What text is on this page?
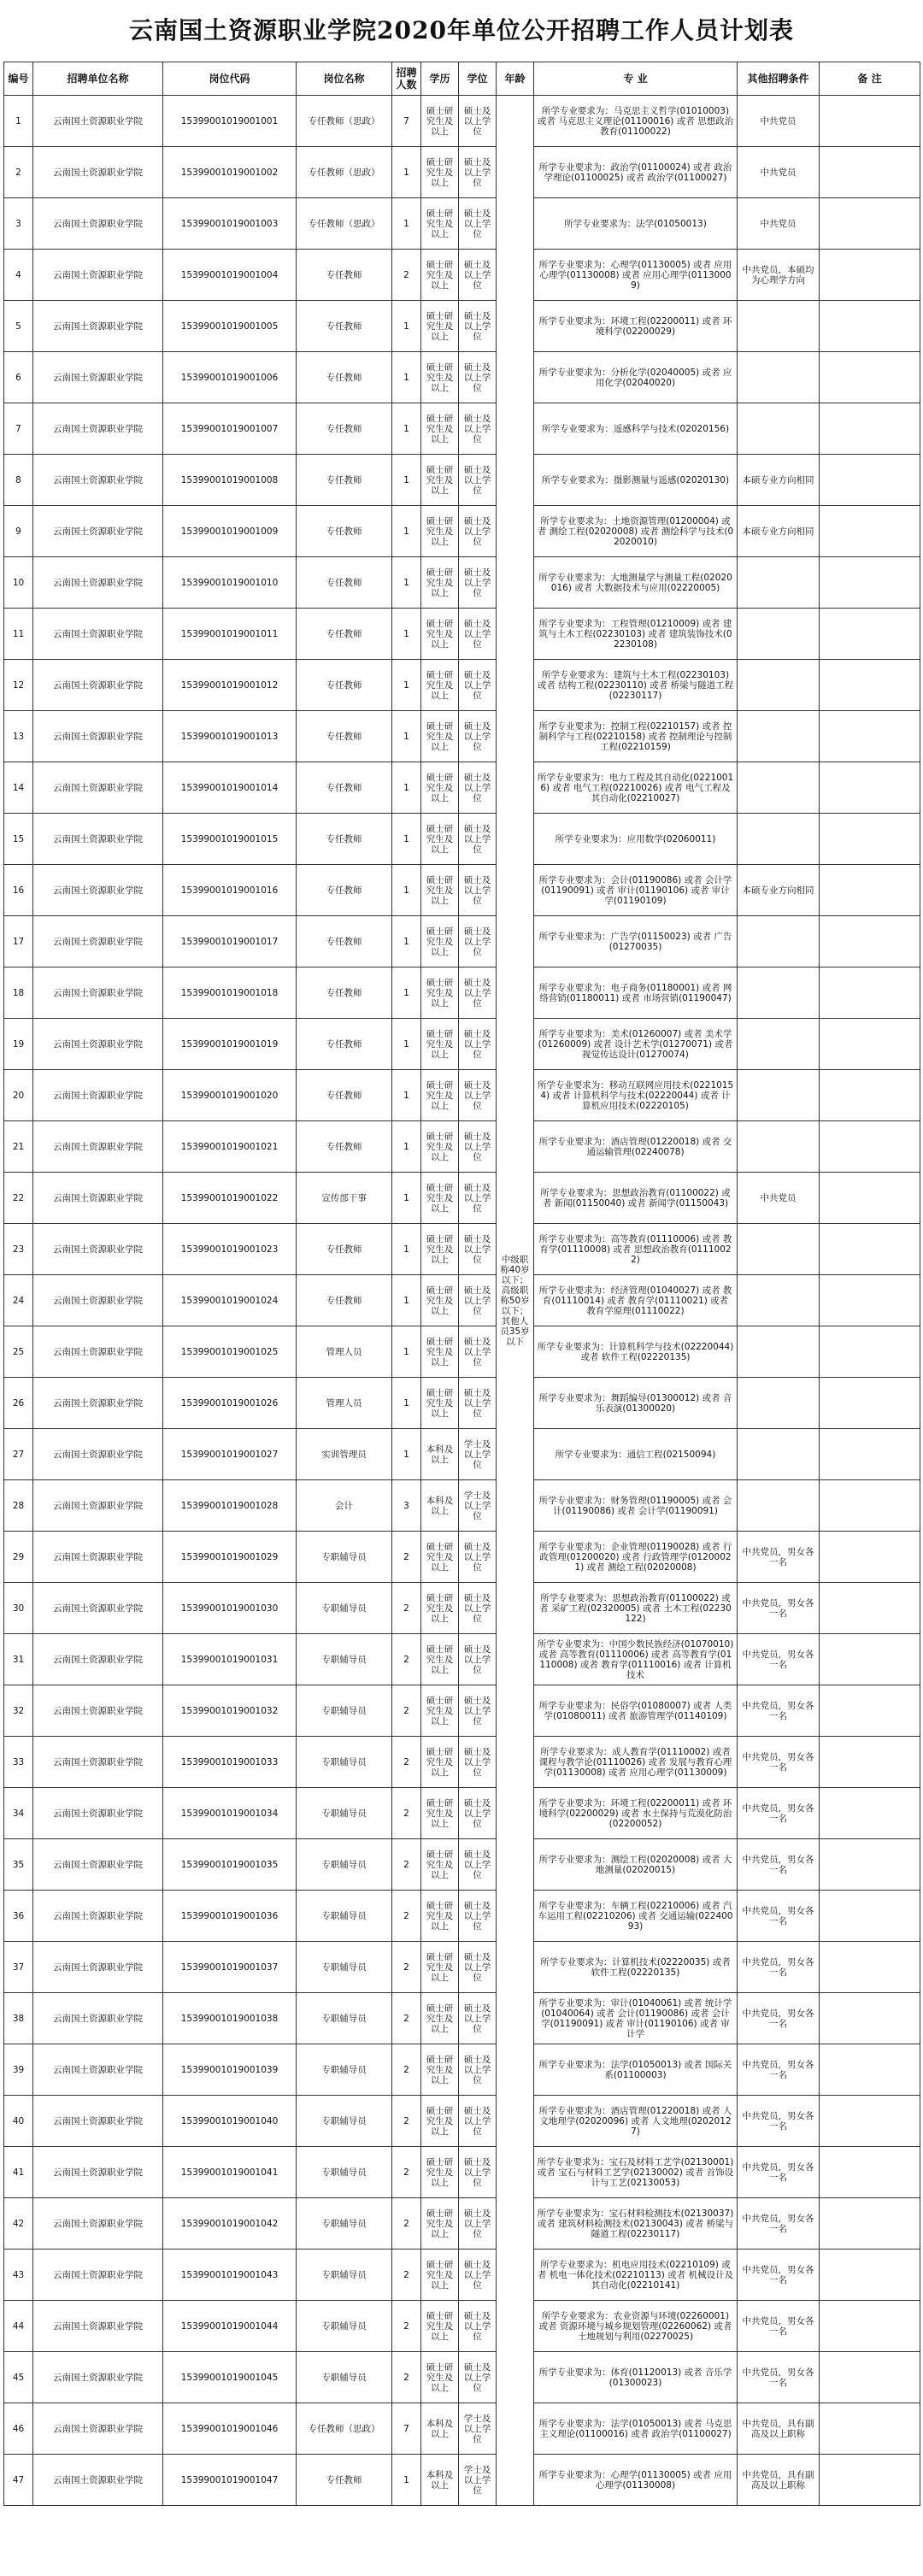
云南国土资源职业学院2020年单位公开招聘工作人员计划表
编号	招聘单位名称	岗位代码	岗位名称	招聘人数	学历	学位	年龄	专 业	其他招聘条件	备 注
1	云南国土资源职业学院	15399001019001001	专任教师（思政）	7	硕士研究生及以上	硕士及以上学位	中级职称40岁以下；高级职称50岁以下；其他人员35岁以下	所学专业要求为：马克思主义哲学(01010003) 或者 马克思主义理论(01100016) 或者 思想政治教育(01100022)	中共党员	
2	云南国土资源职业学院	15399001019001002	专任教师（思政）	1	硕士研究生及以上	硕士及以上学位		所学专业要求为：政治学(01100024) 或者 政治学理论(01100025) 或者 政治学(01100027)	中共党员	
3	云南国土资源职业学院	15399001019001003	专任教师（思政）	1	硕士研究生及以上	硕士及以上学位		所学专业要求为：法学(01050013)	中共党员	
4	云南国土资源职业学院	15399001019001004	专任教师	2	硕士研究生及以上	硕士及以上学位		所学专业要求为：心理学(01130005) 或者 应用心理学(01130008) 或者 应用心理学(01130009)	中共党员，本硕均为心理学方向	
5	云南国土资源职业学院	15399001019001005	专任教师	1	硕士研究生及以上	硕士及以上学位		所学专业要求为：环境工程(02200011) 或者 环境科学(02200029)		
6	云南国土资源职业学院	15399001019001006	专任教师	1	硕士研究生及以上	硕士及以上学位		所学专业要求为：分析化学(02040005) 或者 应用化学(02040020)		
7	云南国土资源职业学院	15399001019001007	专任教师	1	硕士研究生及以上	硕士及以上学位		所学专业要求为：遥感科学与技术(02020156)		
8	云南国土资源职业学院	15399001019001008	专任教师	1	硕士研究生及以上	硕士及以上学位		所学专业要求为：摄影测量与遥感(02020130)	本硕专业方向相同	
9	云南国土资源职业学院	15399001019001009	专任教师	1	硕士研究生及以上	硕士及以上学位		所学专业要求为：土地资源管理(01200004) 或者 测绘工程(02020008) 或者 测绘科学与技术(02020010)	本硕专业方向相同	
10	云南国土资源职业学院	15399001019001010	专任教师	1	硕士研究生及以上	硕士及以上学位		所学专业要求为：大地测量学与测量工程(02020016) 或者 大数据技术与应用(02220005)		
11	云南国土资源职业学院	15399001019001011	专任教师	1	硕士研究生及以上	硕士及以上学位		所学专业要求为：工程管理(01210009) 或者 建筑与土木工程(02230103) 或者 建筑装饰技术(02230108)		
12	云南国土资源职业学院	15399001019001012	专任教师	1	硕士研究生及以上	硕士及以上学位		所学专业要求为：建筑与土木工程(02230103) 或者 结构工程(02230110) 或者 桥梁与隧道工程(02230117)		
13	云南国土资源职业学院	15399001019001013	专任教师	1	硕士研究生及以上	硕士及以上学位		所学专业要求为：控制工程(02210157) 或者 控制科学与工程(02210158) 或者 控制理论与控制工程(02210159)		
14	云南国土资源职业学院	15399001019001014	专任教师	1	硕士研究生及以上	硕士及以上学位		所学专业要求为：电力工程及其自动化(02210016) 或者 电气工程(02210026) 或者 电气工程及其自动化(02210027)		
15	云南国土资源职业学院	15399001019001015	专任教师	1	硕士研究生及以上	硕士及以上学位		所学专业要求为：应用数学(02060011)		
16	云南国土资源职业学院	15399001019001016	专任教师	1	硕士研究生及以上	硕士及以上学位		所学专业要求为：会计(01190086) 或者 会计学(01190091) 或者 审计(01190106) 或者 审计学(01190109)	本硕专业方向相同	
17	云南国土资源职业学院	15399001019001017	专任教师	1	硕士研究生及以上	硕士及以上学位		所学专业要求为：广告学(01150023) 或者 广告(01270035)		
18	云南国土资源职业学院	15399001019001018	专任教师	1	硕士研究生及以上	硕士及以上学位		所学专业要求为：电子商务(01180001) 或者 网络营销(01180011) 或者 市场营销(01190047)		
19	云南国土资源职业学院	15399001019001019	专任教师	1	硕士研究生及以上	硕士及以上学位		所学专业要求为：美术(01260007) 或者 美术学(01260009) 或者 设计艺术学(01270071) 或者 视觉传达设计(01270074)		
20	云南国土资源职业学院	15399001019001020	专任教师	1	硕士研究生及以上	硕士及以上学位		所学专业要求为：移动互联网应用技术(02210154) 或者 计算机科学与技术(02220044) 或者 计算机应用技术(02220105)		
21	云南国土资源职业学院	15399001019001021	专任教师	1	硕士研究生及以上	硕士及以上学位		所学专业要求为：酒店管理(01220018) 或者 交通运输管理(02240078)		
22	云南国土资源职业学院	15399001019001022	宣传部干事	1	硕士研究生及以上	硕士及以上学位		所学专业要求为：思想政治教育(01100022) 或者 新闻(01150040) 或者 新闻学(01150043)	中共党员	
23	云南国土资源职业学院	15399001019001023	专任教师	1	硕士研究生及以上	硕士及以上学位		所学专业要求为：高等教育(01110006) 或者 教育学(01110008) 或者 思想政治教育(01110022)		
24	云南国土资源职业学院	15399001019001024	专任教师	1	硕士研究生及以上	硕士及以上学位		所学专业要求为：经济管理(01040027) 或者 教育(01110014) 或者 教育学(01110021) 或者 教育学原理(01110022)		
25	云南国土资源职业学院	15399001019001025	管理人员	1	硕士研究生及以上	硕士及以上学位		所学专业要求为：计算机科学与技术(02220044) 或者 软件工程(02220135)		
26	云南国土资源职业学院	15399001019001026	管理人员	1	硕士研究生及以上	硕士及以上学位		所学专业要求为：舞蹈编导(01300012) 或者 音乐表演(01300020)		
27	云南国土资源职业学院	15399001019001027	实训管理员	1	本科及以上	学士及以上学位		所学专业要求为：通信工程(02150094)		
28	云南国土资源职业学院	15399001019001028	会计	3	本科及以上	学士及以上学位		所学专业要求为：财务管理(01190005) 或者 会计(01190086) 或者 会计学(01190091)		
29	云南国土资源职业学院	15399001019001029	专职辅导员	2	硕士研究生及以上	硕士及以上学位		所学专业要求为：企业管理(01190028) 或者 行政管理(01200020) 或者 行政管理学(01200021) 或者 测绘工程(02020008)	中共党员，男女各一名	
30	云南国土资源职业学院	15399001019001030	专职辅导员	2	硕士研究生及以上	硕士及以上学位		所学专业要求为：思想政治教育(01100022) 或者 采矿工程(02320005) 或者 土木工程(02230122)	中共党员，男女各一名	
31	云南国土资源职业学院	15399001019001031	专职辅导员	2	硕士研究生及以上	硕士及以上学位		所学专业要求为：中国少数民族经济(01070010) 或者 高等教育(01110006) 或者 高等教育学(01110008) 或者 教育学(01110016) 或者 计算机技术	中共党员，男女各一名	
32	云南国土资源职业学院	15399001019001032	专职辅导员	2	硕士研究生及以上	硕士及以上学位		所学专业要求为：民俗学(01080007) 或者 人类学(01080011) 或者 旅游管理学(01140109)	中共党员，男女各一名	
33	云南国土资源职业学院	15399001019001033	专职辅导员	2	硕士研究生及以上	硕士及以上学位		所学专业要求为：成人教育学(01110002) 或者 课程与教学论(01110026) 或者 发展与教育心理学(01130008) 或者 应用心理学(01130009)	中共党员，男女各一名	
34	云南国土资源职业学院	15399001019001034	专职辅导员	2	硕士研究生及以上	硕士及以上学位		所学专业要求为：环境工程(02200011) 或者 环境科学(02200029) 或者 水土保持与荒漠化防治(02200052)	中共党员，男女各一名	
35	云南国土资源职业学院	15399001019001035	专职辅导员	2	硕士研究生及以上	硕士及以上学位		所学专业要求为：测绘工程(02020008) 或者 大地测量(02020015)	中共党员，男女各一名	
36	云南国土资源职业学院	15399001019001036	专职辅导员	2	硕士研究生及以上	硕士及以上学位		所学专业要求为：车辆工程(02210006) 或者 汽车运用工程(02210206) 或者 交通运输(02240093)	中共党员，男女各一名	
37	云南国土资源职业学院	15399001019001037	专职辅导员	2	硕士研究生及以上	硕士及以上学位		所学专业要求为：计算机技术(02220035) 或者 软件工程(02220135)	中共党员，男女各一名	
38	云南国土资源职业学院	15399001019001038	专职辅导员	2	硕士研究生及以上	硕士及以上学位		所学专业要求为：审计(01040061) 或者 统计学(01040064) 或者 会计(01190086) 或者 会计学(01190091) 或者 审计(01190106) 或者 审计学	中共党员，男女各一名	
39	云南国土资源职业学院	15399001019001039	专职辅导员	2	硕士研究生及以上	硕士及以上学位		所学专业要求为：法学(01050013) 或者 国际关系(01100003)	中共党员，男女各一名	
40	云南国土资源职业学院	15399001019001040	专职辅导员	2	硕士研究生及以上	硕士及以上学位		所学专业要求为：酒店管理(01220018) 或者 人文地理学(02020096) 或者 人文地理(02020127)	中共党员，男女各一名	
41	云南国土资源职业学院	15399001019001041	专职辅导员	2	硕士研究生及以上	硕士及以上学位		所学专业要求为：宝石及材料工艺学(02130001) 或者 宝石与材料工艺学(02130002) 或者 首饰设计与工艺(02130053)	中共党员，男女各一名	
42	云南国土资源职业学院	15399001019001042	专职辅导员	2	硕士研究生及以上	硕士及以上学位		所学专业要求为：宝石材料检测技术(02130037) 或者 建筑材料检测技术(02130043) 或者 桥梁与隧道工程(02230117)	中共党员，男女各一名	
43	云南国土资源职业学院	15399001019001043	专职辅导员	2	硕士研究生及以上	硕士及以上学位		所学专业要求为：机电应用技术(02210109) 或者 机电一体化技术(02210113) 或者 机械设计及其自动化(02210141)	中共党员，男女各一名	
44	云南国土资源职业学院	15399001019001044	专职辅导员	2	硕士研究生及以上	硕士及以上学位		所学专业要求为：农业资源与环境(02260001) 或者 资源环境与城乡规划管理(02260062) 或者 土地规划与利用(02270025)	中共党员，男女各一名	
45	云南国土资源职业学院	15399001019001045	专职辅导员	2	硕士研究生及以上	硕士及以上学位		所学专业要求为：体育(01120013) 或者 音乐学(01300023)	中共党员，男女各一名	
46	云南国土资源职业学院	15399001019001046	专任教师（思政）	7	本科及以上	学士及以上学位		所学专业要求为：法学(01050013) 或者 马克思主义理论(01100016) 或者 政治学(01100027)	中共党员，具有副高及以上职称	
47	云南国土资源职业学院	15399001019001047	专任教师	1	本科及以上	学士及以上学位		所学专业要求为：心理学(01130005) 或者 应用心理学(01130008)	中共党员，具有副高及以上职称	
